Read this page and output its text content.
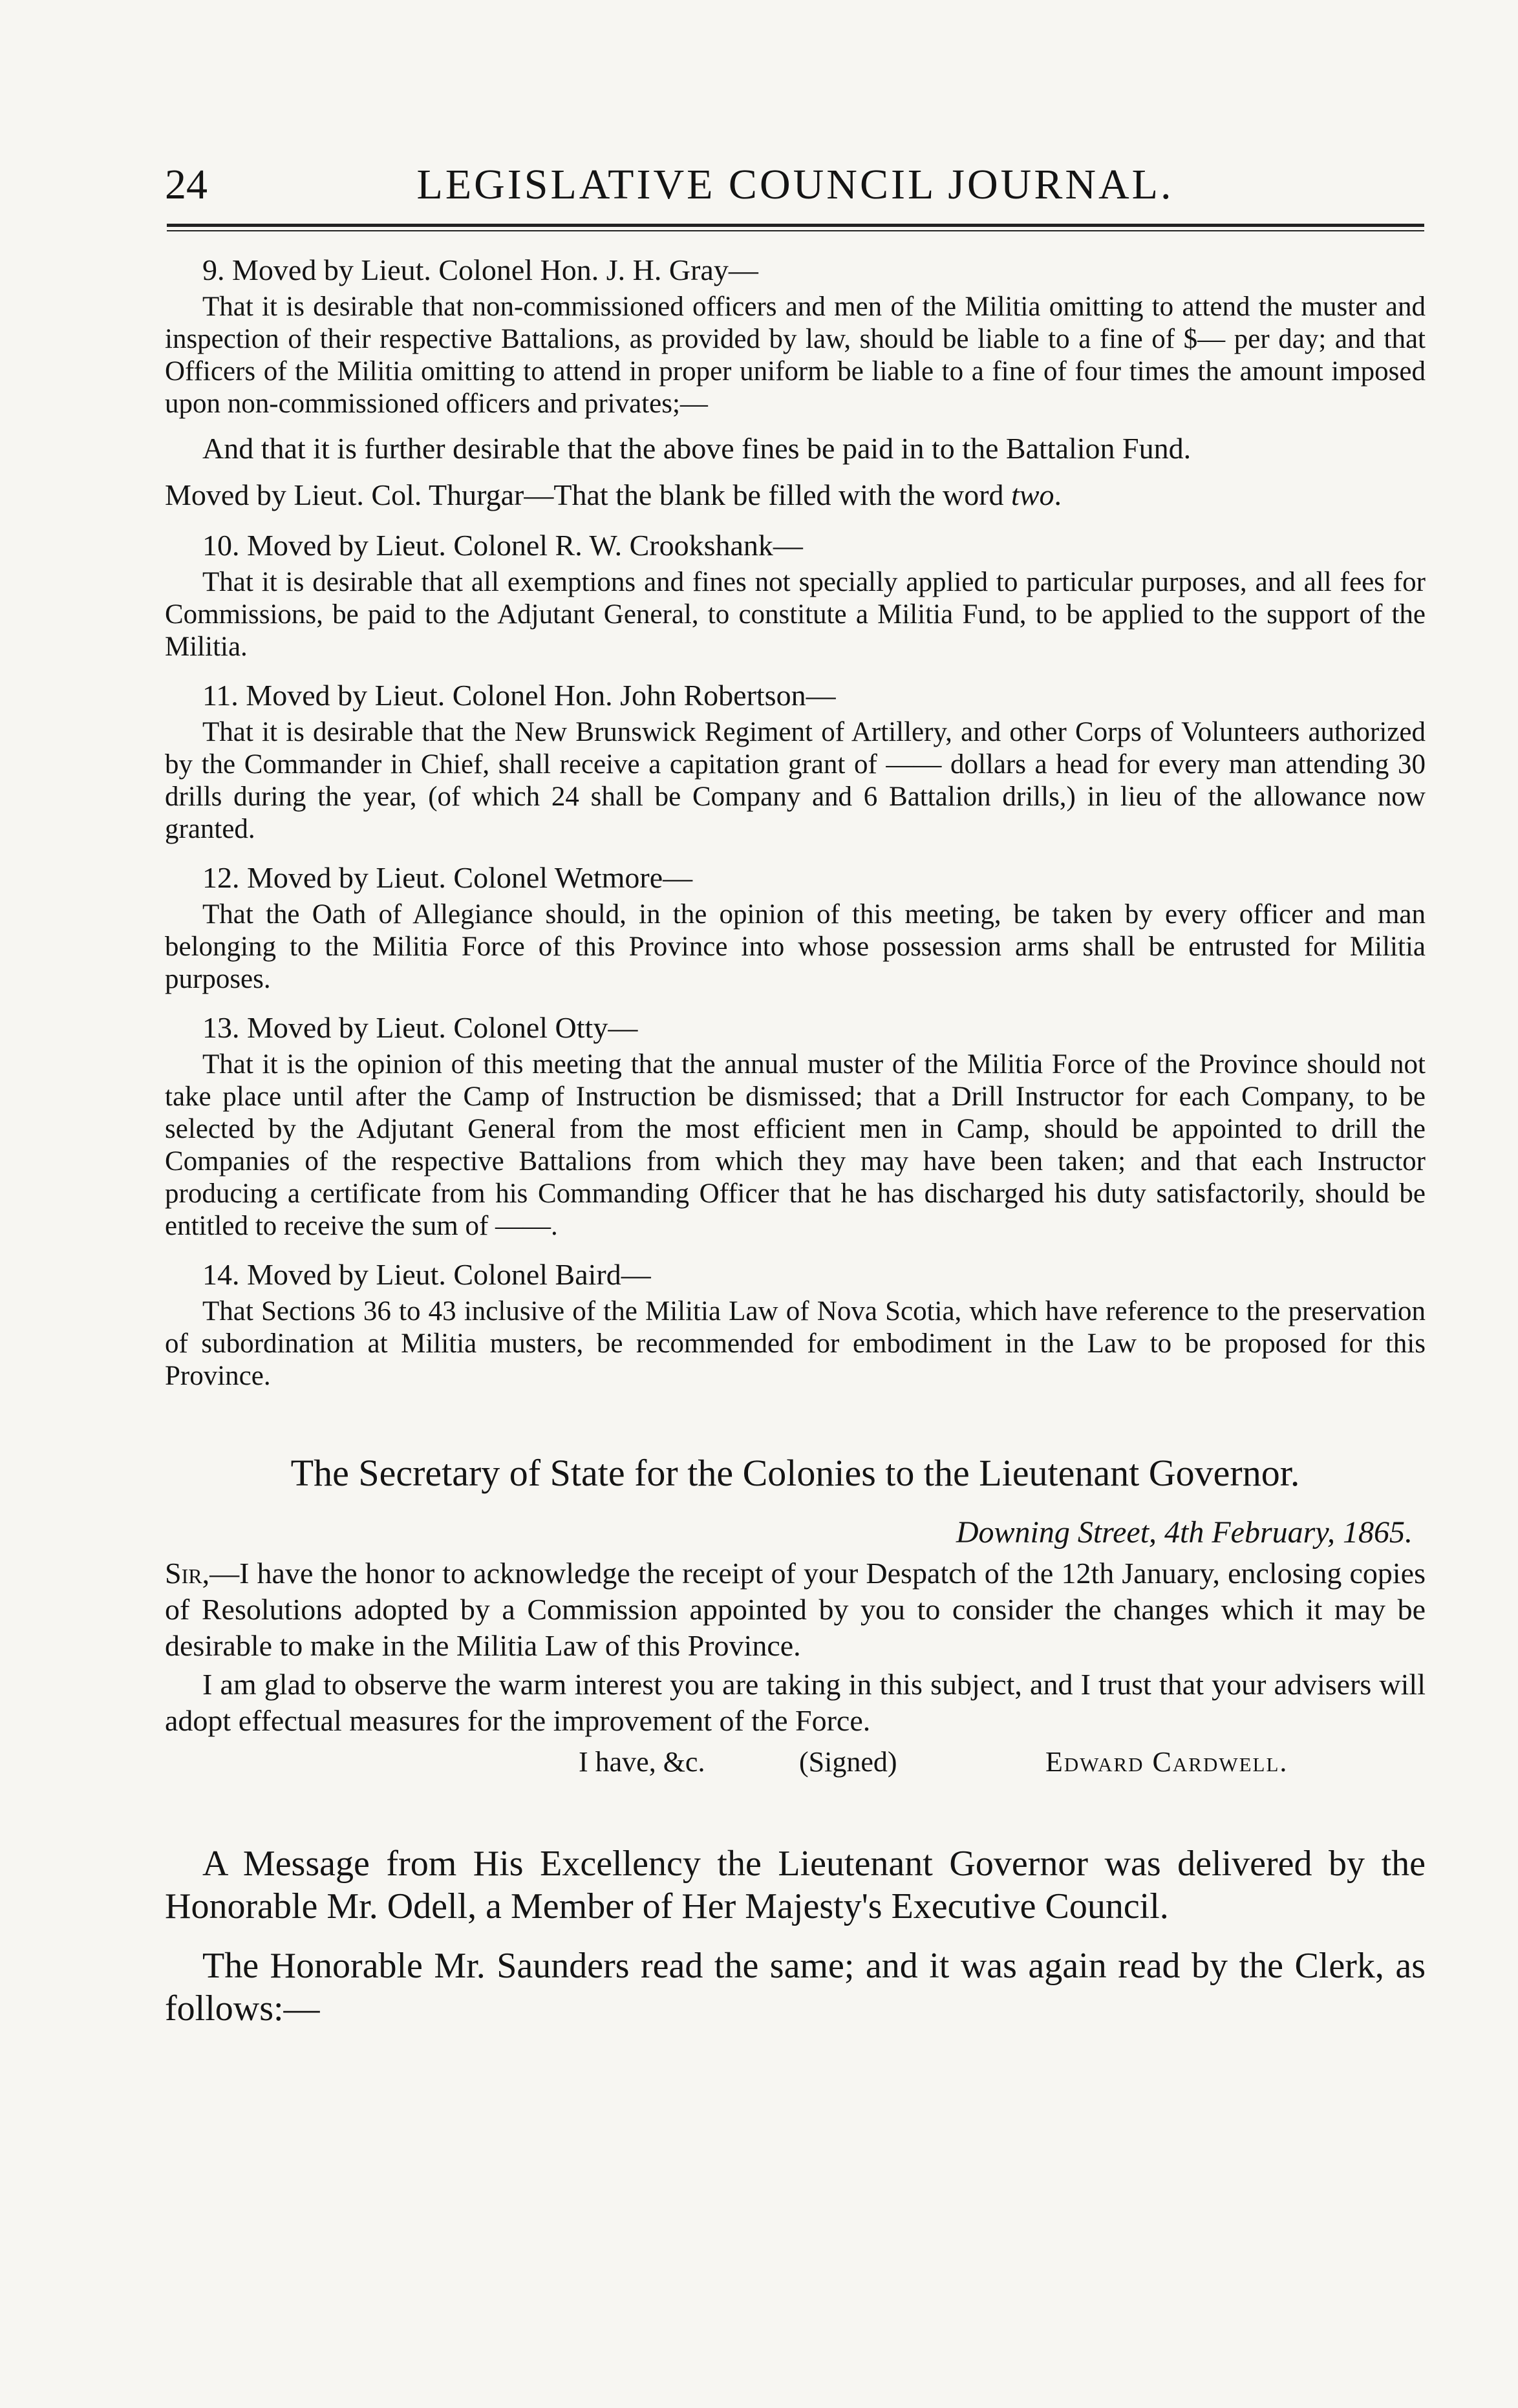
24	LEGISLATIVE COUNCIL JOURNAL.
9. Moved by Lieut. Colonel Hon. J. H. Gray—

That it is desirable that non-commissioned officers and men of the Militia omitting to attend the muster and inspection of their respective Battalions, as provided by law, should be liable to a fine of $— per day; and that Officers of the Militia omitting to attend in proper uniform be liable to a fine of four times the amount imposed upon non-commissioned officers and privates;—

And that it is further desirable that the above fines be paid in to the Battalion Fund.

Moved by Lieut. Col. Thurgar—That the blank be filled with the word two.

10. Moved by Lieut. Colonel R. W. Crookshank—

That it is desirable that all exemptions and fines not specially applied to particular purposes, and all fees for Commissions, be paid to the Adjutant General, to constitute a Militia Fund, to be applied to the support of the Militia.

11. Moved by Lieut. Colonel Hon. John Robertson—

That it is desirable that the New Brunswick Regiment of Artillery, and other Corps of Volunteers authorized by the Commander in Chief, shall receive a capitation grant of —— dollars a head for every man attending 30 drills during the year, (of which 24 shall be Company and 6 Battalion drills,) in lieu of the allowance now granted.

12. Moved by Lieut. Colonel Wetmore—

That the Oath of Allegiance should, in the opinion of this meeting, be taken by every officer and man belonging to the Militia Force of this Province into whose possession arms shall be entrusted for Militia purposes.

13. Moved by Lieut. Colonel Otty—

That it is the opinion of this meeting that the annual muster of the Militia Force of the Province should not take place until after the Camp of Instruction be dismissed; that a Drill Instructor for each Company, to be selected by the Adjutant General from the most efficient men in Camp, should be appointed to drill the Companies of the respective Battalions from which they may have been taken; and that each Instructor producing a certificate from his Commanding Officer that he has discharged his duty satisfactorily, should be entitled to receive the sum of ——.

14. Moved by Lieut. Colonel Baird—

That Sections 36 to 43 inclusive of the Militia Law of Nova Scotia, which have reference to the preservation of subordination at Militia musters, be recommended for embodiment in the Law to be proposed for this Province.

The Secretary of State for the Colonies to the Lieutenant Governor.
Downing Street, 4th February, 1865.

Sir,—I have the honor to acknowledge the receipt of your Despatch of the 12th January, enclosing copies of Resolutions adopted by a Commission appointed by you to consider the changes which it may be desirable to make in the Militia Law of this Province.

I am glad to observe the warm interest you are taking in this subject, and I trust that your advisers will adopt effectual measures for the improvement of the Force.

I have, &c.	(Signed)	Edward Cardwell.

A Message from His Excellency the Lieutenant Governor was delivered by the Honorable Mr. Odell, a Member of Her Majesty's Executive Council.

The Honorable Mr. Saunders read the same; and it was again read by the Clerk, as follows:—
